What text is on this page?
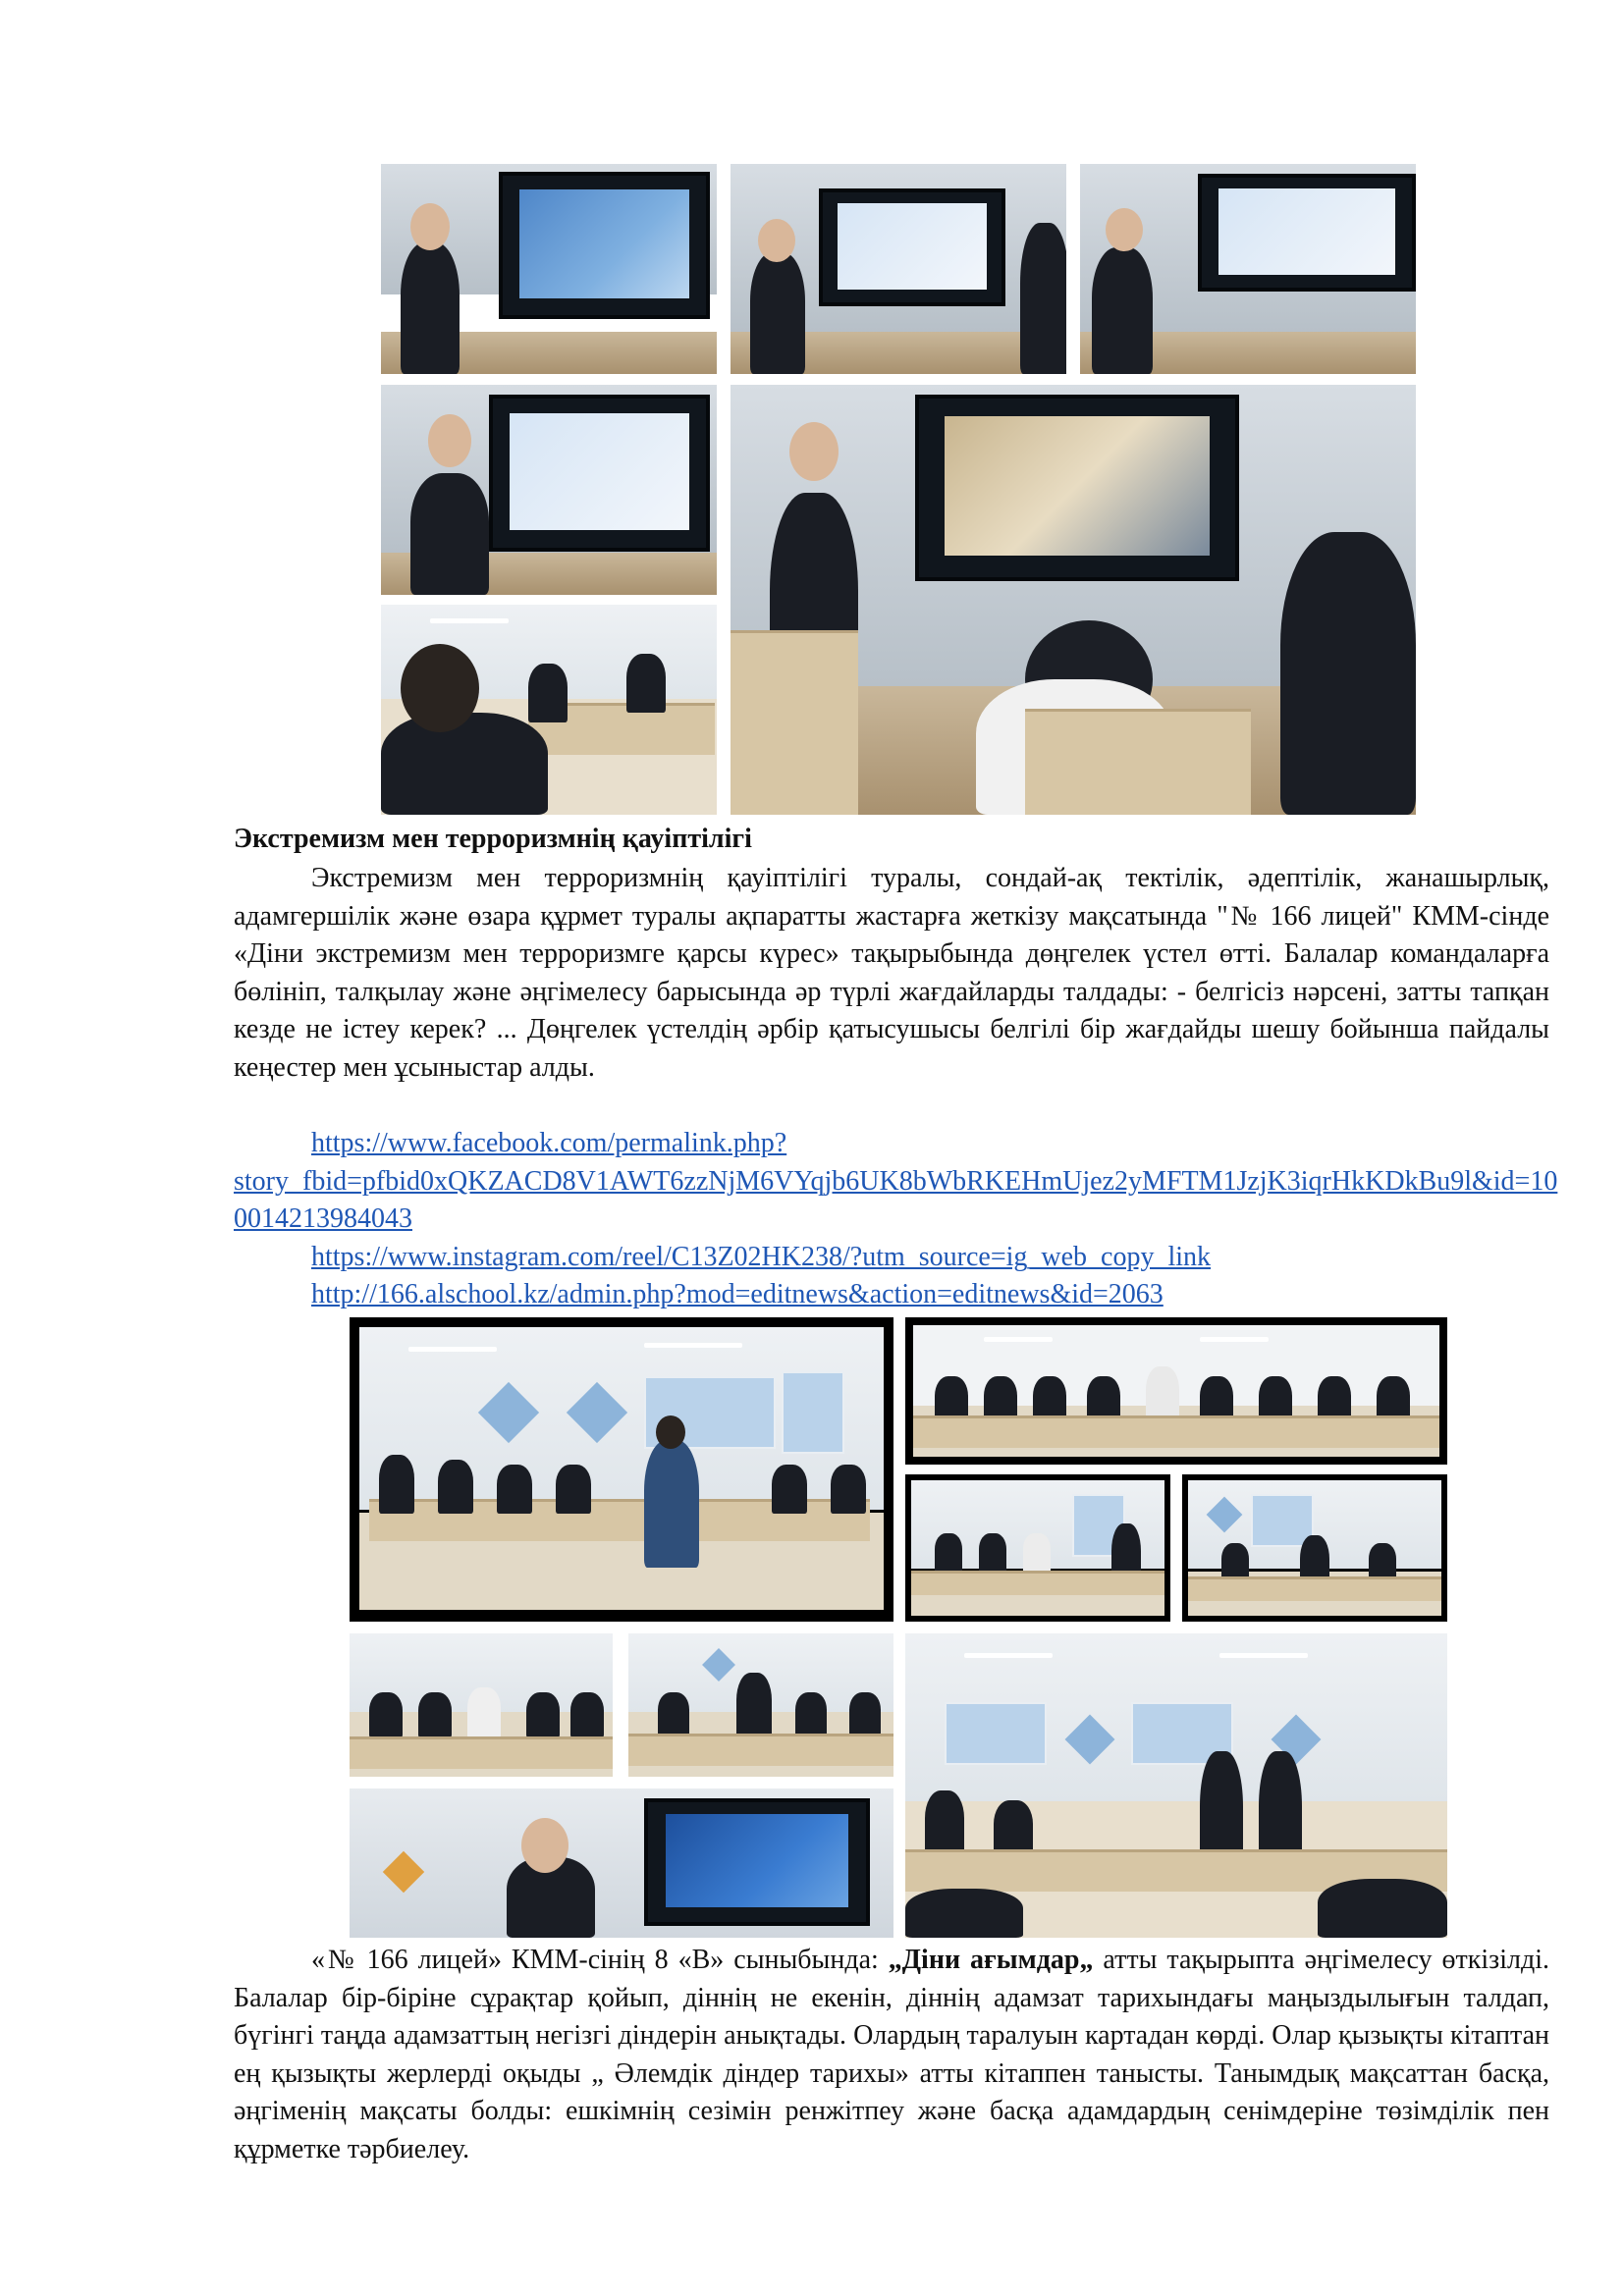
Экстремизм мен терроризмнің қауіптілігі

Экстремизм мен терроризмнің қауіптілігі туралы, сондай-ақ тектілік, әдептілік, жанашырлық, адамгершілік және өзара құрмет туралы ақпаратты жастарға жеткізу мақсатында "№ 166 лицей" КММ-сінде «Діни экстремизм мен терроризмге қарсы күрес» тақырыбында дөңгелек үстел өтті. Балалар командаларға бөлініп, талқылау және әңгімелесу барысында әр түрлі жағдайларды талдады: - белгісіз нәрсені, затты тапқан кезде не істеу керек? ... Дөңгелек үстелдің әрбір қатысушысы белгілі бір жағдайды шешу бойынша пайдалы кеңестер мен ұсыныстар алды.

https://www.facebook.com/permalink.php?
story_fbid=pfbid0xQKZACD8V1AWT6zzNjM6VYqjb6UK8bWbRKEHmUjez2yMFTM1JzjK3iqrHkKDkBu9l&id=100014213984043
https://www.instagram.com/reel/C13Z02HK238/?utm_source=ig_web_copy_link
http://166.alschool.kz/admin.php?mod=editnews&action=editnews&id=2063

«№ 166 лицей» КММ-сінің 8 «В» сыныбында: „Діни ағымдар„ атты тақырыпта әңгімелесу өткізілді. Балалар бір-біріне сұрақтар қойып, діннің не екенін, діннің адамзат тарихындағы маңыздылығын талдап, бүгінгі таңда адамзаттың негізгі діндерін анықтады. Олардың таралуын картадан көрді. Олар қызықты кітаптан ең қызықты жерлерді оқыды „ Әлемдік діндер тарихы» атты кітаппен танысты. Танымдық мақсаттан басқа, әңгіменің мақсаты болды: ешкімнің сезімін ренжітпеу және басқа адамдардың сенімдеріне төзімділік пен құрметке тәрбиелеу.
